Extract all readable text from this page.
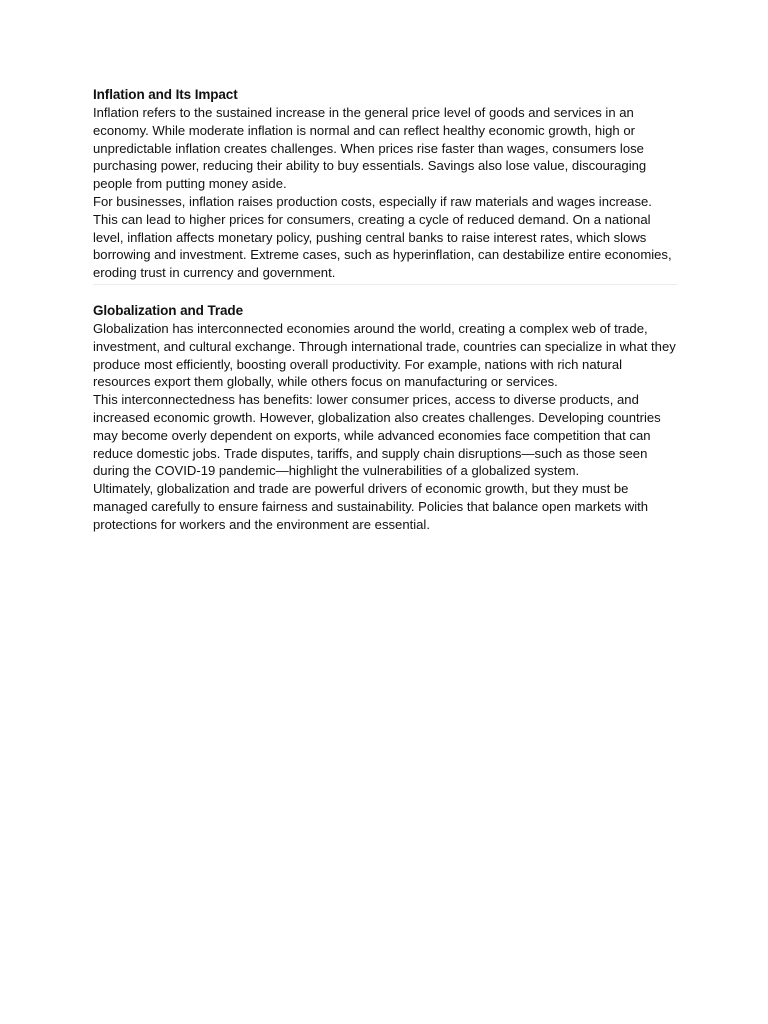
Inflation and Its Impact

Inflation refers to the sustained increase in the general price level of goods and services in an economy. While moderate inflation is normal and can reflect healthy economic growth, high or unpredictable inflation creates challenges. When prices rise faster than wages, consumers lose purchasing power, reducing their ability to buy essentials. Savings also lose value, discouraging people from putting money aside.

For businesses, inflation raises production costs, especially if raw materials and wages increase. This can lead to higher prices for consumers, creating a cycle of reduced demand. On a national level, inflation affects monetary policy, pushing central banks to raise interest rates, which slows borrowing and investment. Extreme cases, such as hyperinflation, can destabilize entire economies, eroding trust in currency and government.

Globalization and Trade

Globalization has interconnected economies around the world, creating a complex web of trade, investment, and cultural exchange. Through international trade, countries can specialize in what they produce most efficiently, boosting overall productivity. For example, nations with rich natural resources export them globally, while others focus on manufacturing or services.

This interconnectedness has benefits: lower consumer prices, access to diverse products, and increased economic growth. However, globalization also creates challenges. Developing countries may become overly dependent on exports, while advanced economies face competition that can reduce domestic jobs. Trade disputes, tariffs, and supply chain disruptions—such as those seen during the COVID-19 pandemic—highlight the vulnerabilities of a globalized system.

Ultimately, globalization and trade are powerful drivers of economic growth, but they must be managed carefully to ensure fairness and sustainability. Policies that balance open markets with protections for workers and the environment are essential.
